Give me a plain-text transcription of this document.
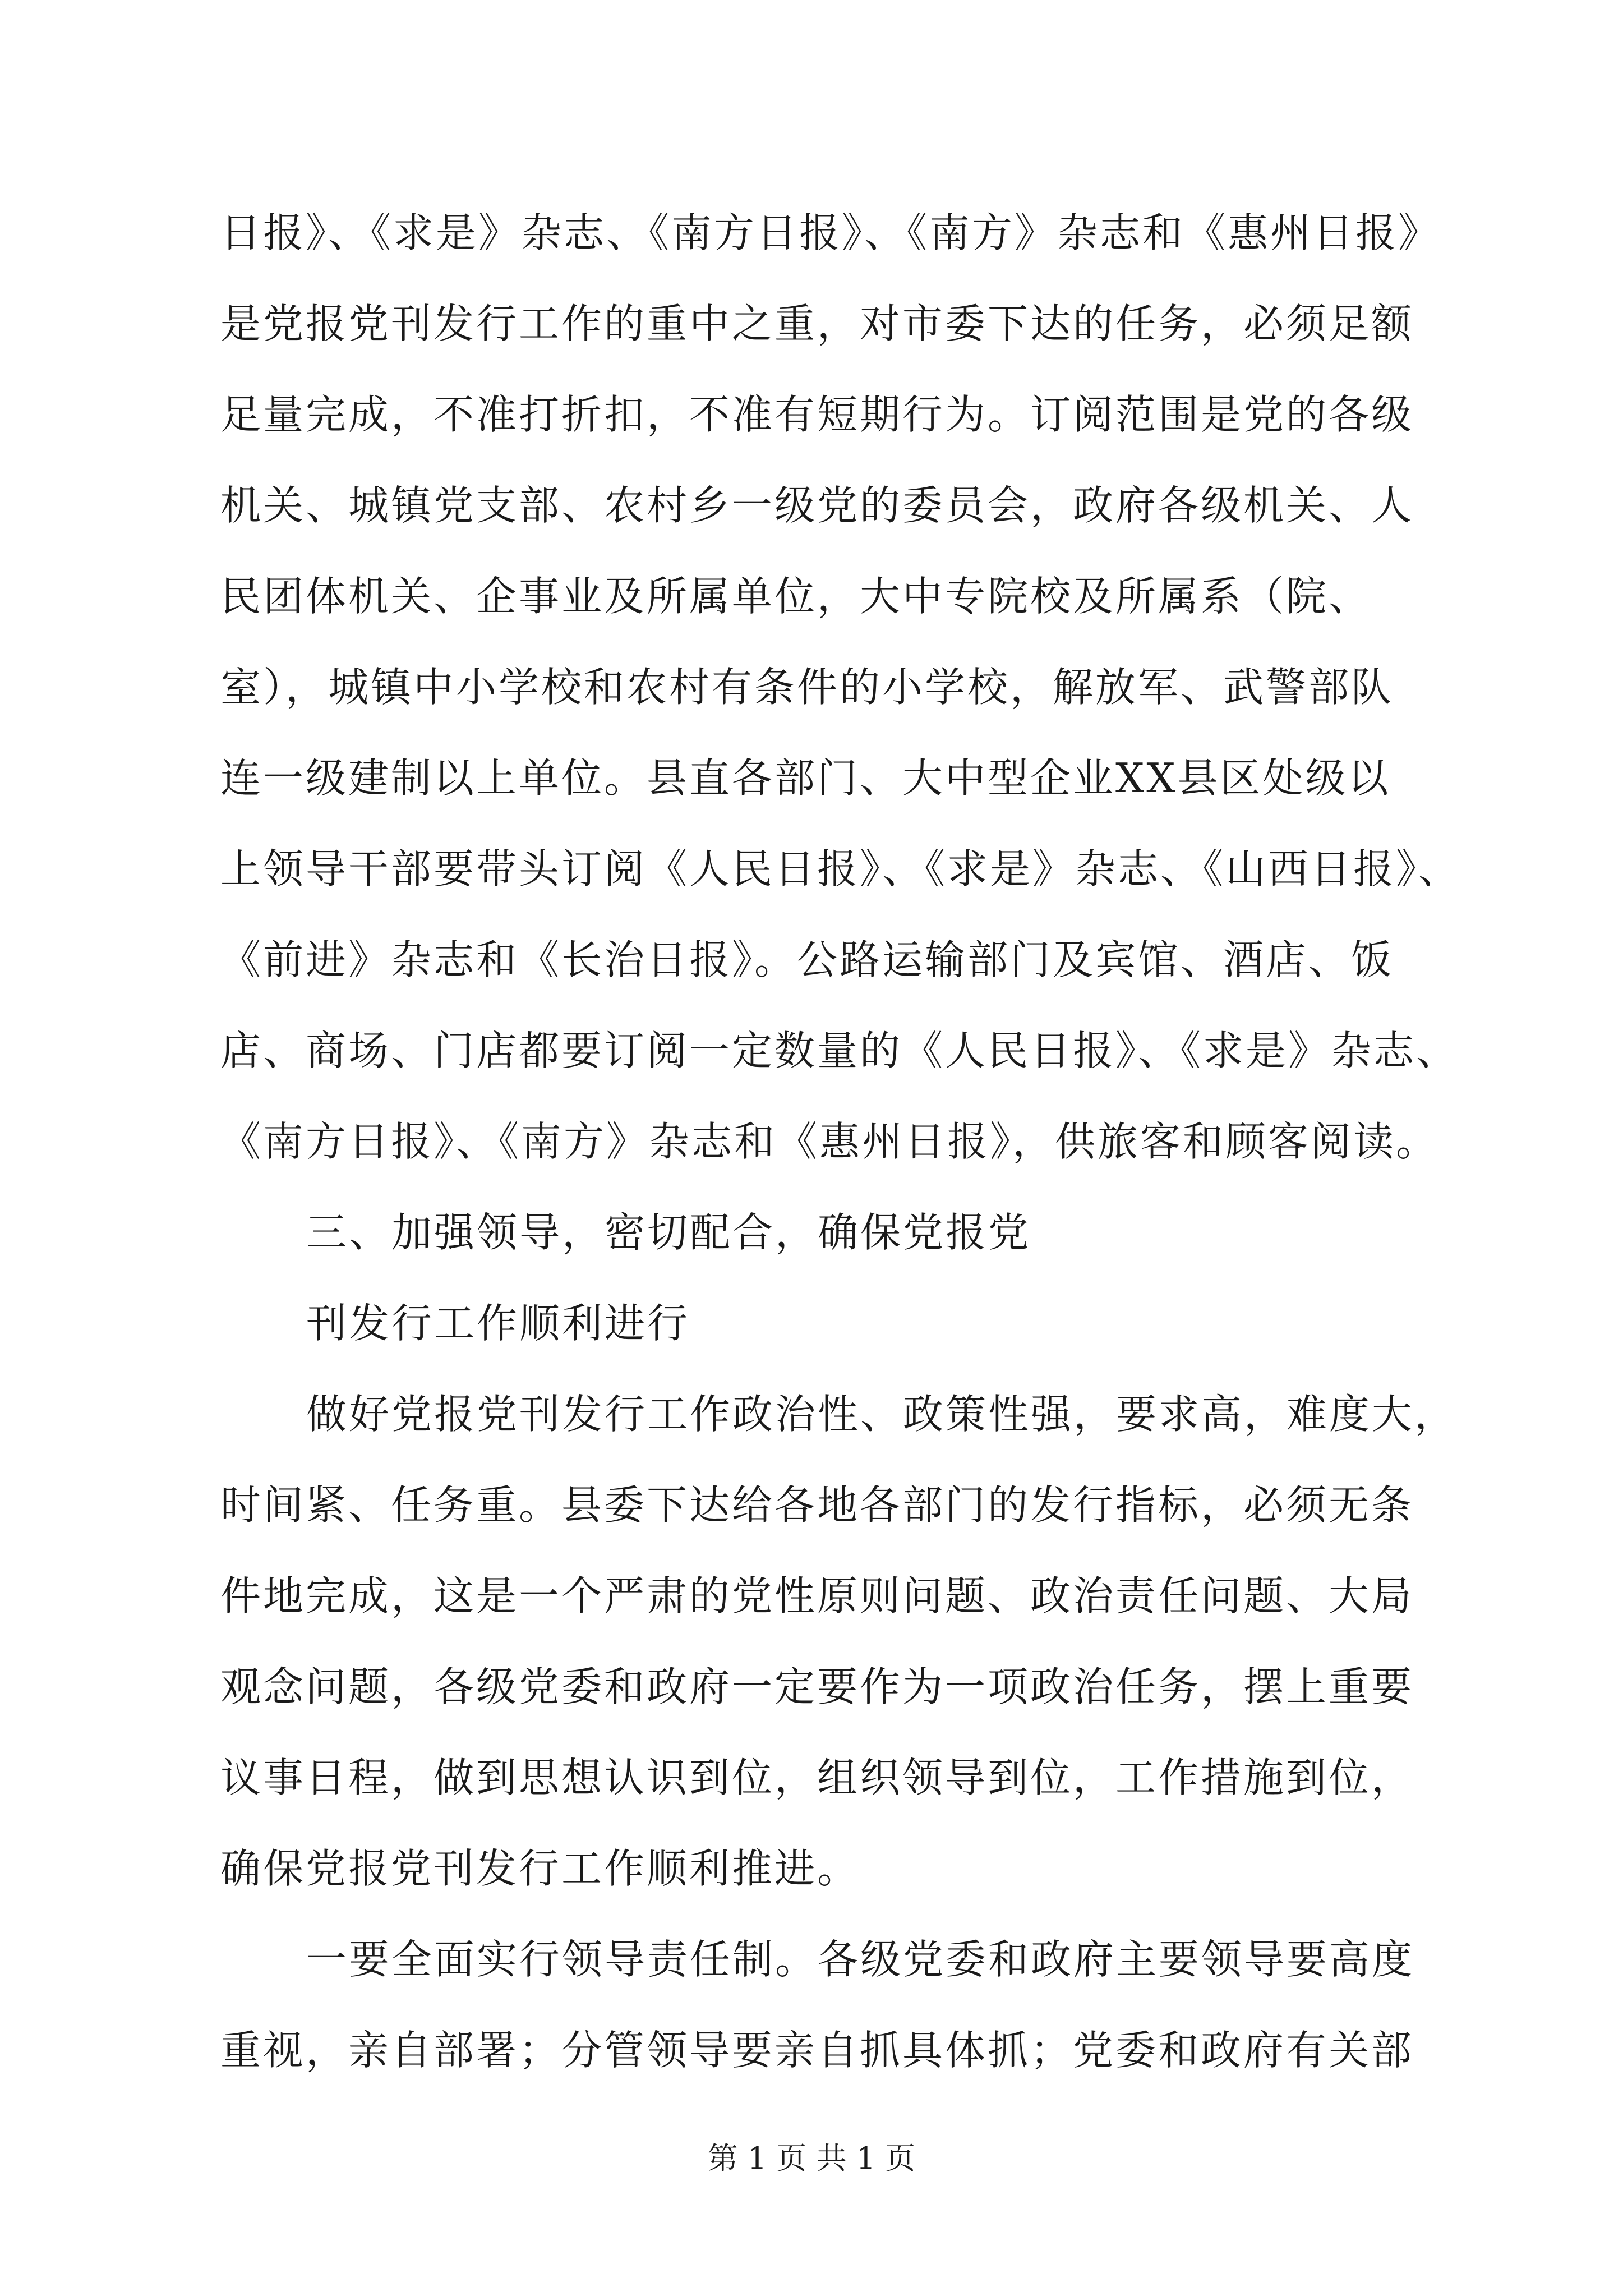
日报》、《求是》杂志、《南方日报》、《南方》杂志和《惠州日报》
是党报党刊发行工作的重中之重，对市委下达的任务，必须足额
足量完成，不准打折扣，不准有短期行为。订阅范围是党的各级
机关、城镇党支部、农村乡一级党的委员会，政府各级机关、人
民团体机关、企事业及所属单位，大中专院校及所属系（院、
室），城镇中小学校和农村有条件的小学校，解放军、武警部队
连一级建制以上单位。县直各部门、大中型企业XX县区处级以
上领导干部要带头订阅《人民日报》、《求是》杂志、《山西日报》、
《前进》杂志和《长治日报》。公路运输部门及宾馆、酒店、饭
店、商场、门店都要订阅一定数量的《人民日报》、《求是》杂志、
《南方日报》、《南方》杂志和《惠州日报》，供旅客和顾客阅读。
三、加强领导，密切配合，确保党报党
刊发行工作顺利进行
做好党报党刊发行工作政治性、政策性强，要求高，难度大，
时间紧、任务重。县委下达给各地各部门的发行指标，必须无条
件地完成，这是一个严肃的党性原则问题、政治责任问题、大局
观念问题，各级党委和政府一定要作为一项政治任务，摆上重要
议事日程，做到思想认识到位，组织领导到位，工作措施到位，
确保党报党刊发行工作顺利推进。
一要全面实行领导责任制。各级党委和政府主要领导要高度
重视，亲自部署；分管领导要亲自抓具体抓；党委和政府有关部
第 1 页 共 1 页
